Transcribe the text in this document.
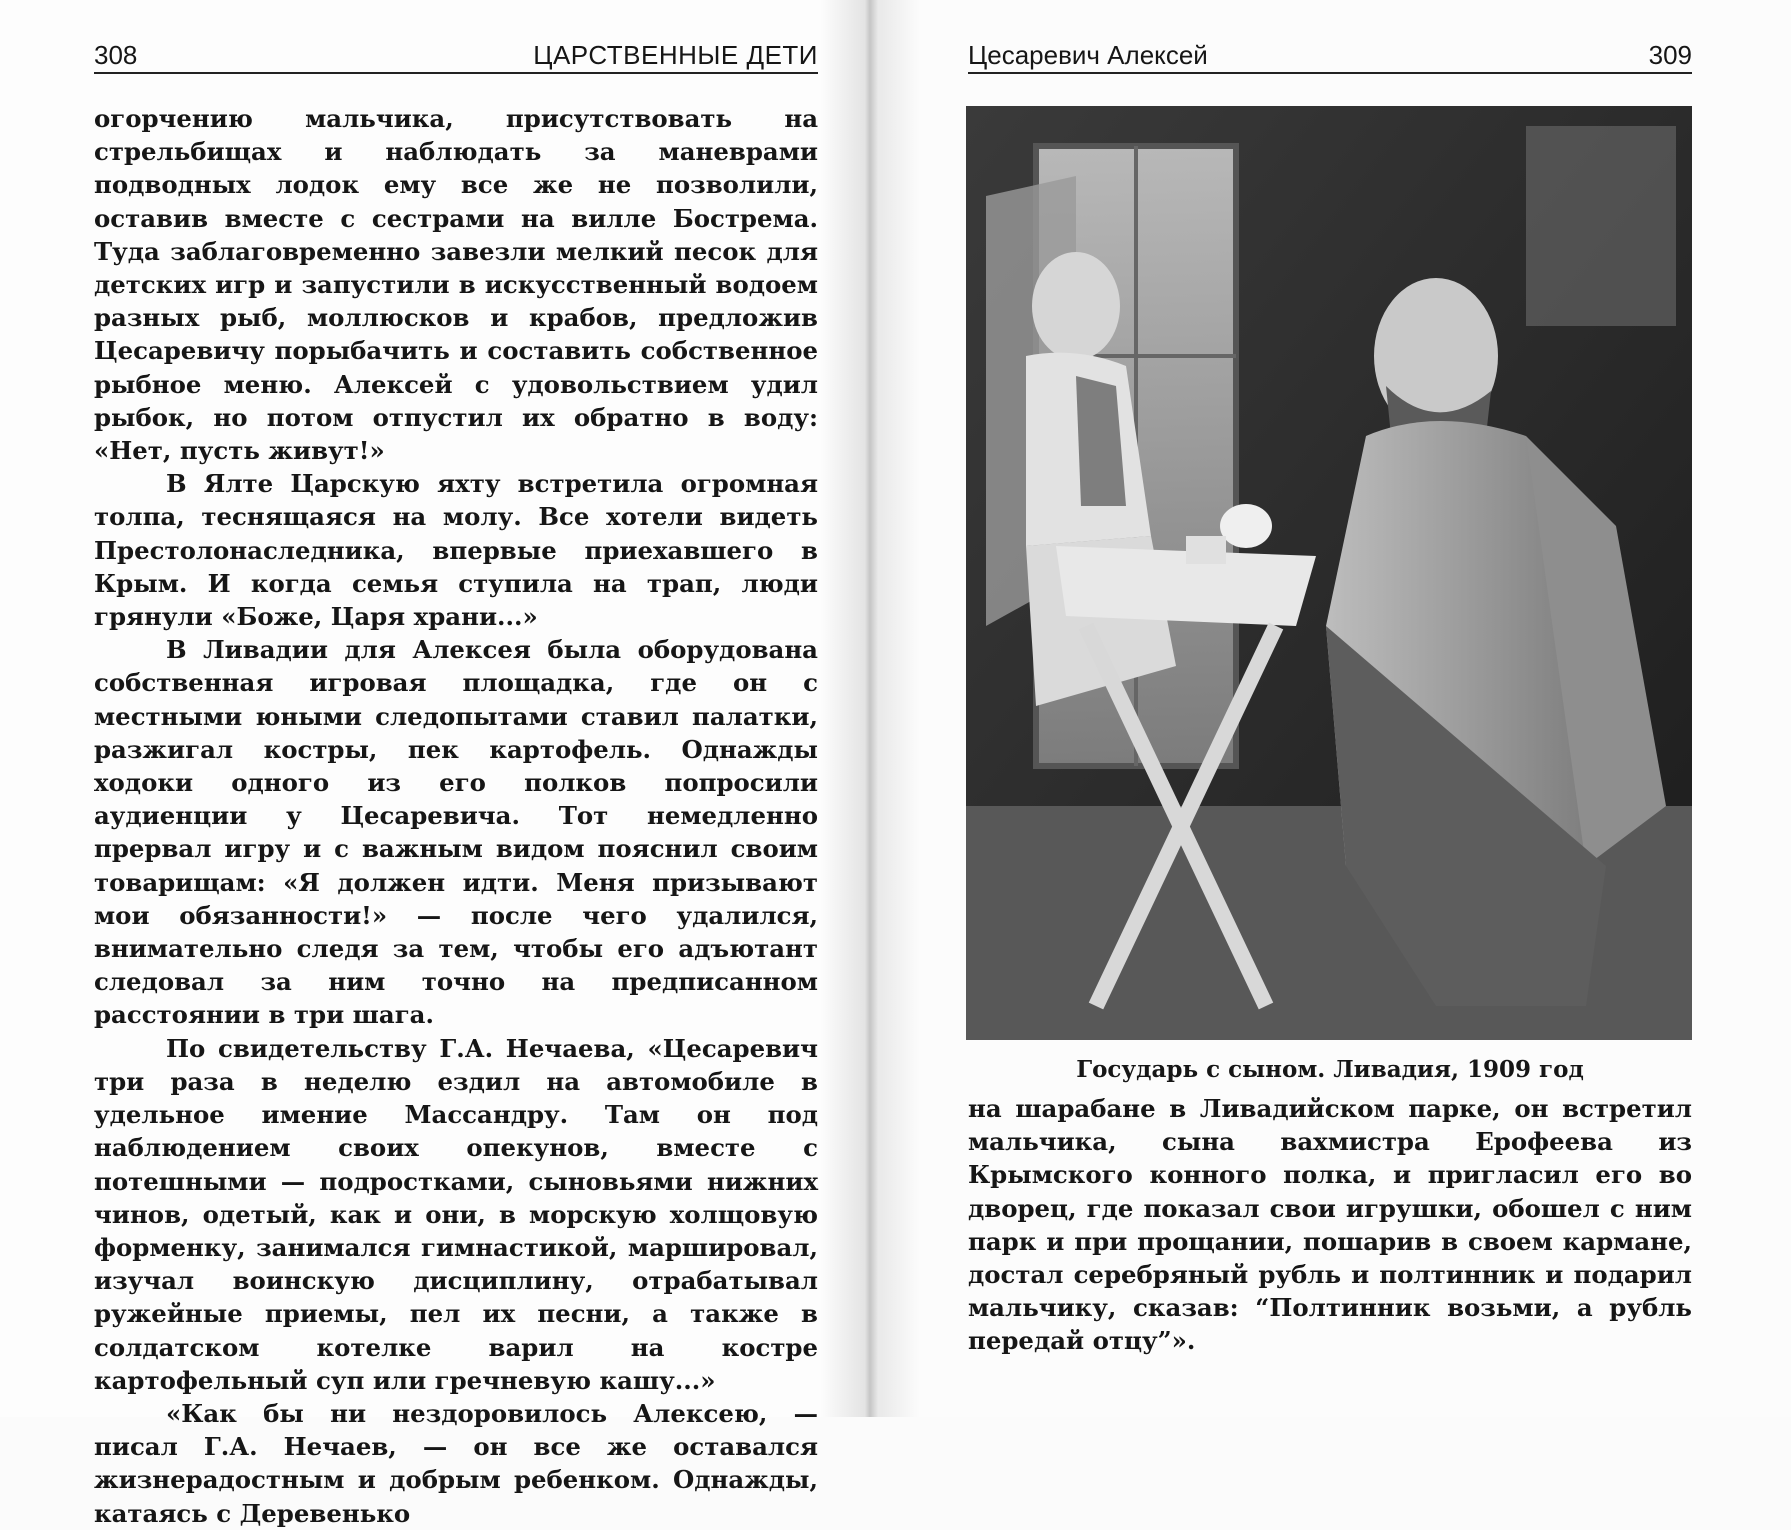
308	ЦАРСТВЕННЫЕ ДЕТИ

огорчению мальчика, присутствовать на стрельбищах и наблюдать за маневрами подводных лодок ему все же не позволили, оставив вместе с сестрами на вилле Бострема. Туда заблаговременно завезли мелкий песок для детских игр и запустили в искусственный водоем разных рыб, моллюсков и крабов, предложив Цесаревичу порыбачить и составить собственное рыбное меню. Алексей с удовольствием удил рыбок, но потом отпустил их обратно в воду: «Нет, пусть живут!»

В Ялте Царскую яхту встретила огромная толпа, теснящаяся на молу. Все хотели видеть Престолонаследника, впервые приехавшего в Крым. И когда семья ступила на трап, люди грянули «Боже, Царя храни...»

В Ливадии для Алексея была оборудована собственная игровая площадка, где он с местными юными следопытами ставил палатки, разжигал костры, пек картофель. Однажды ходоки одного из его полков попросили аудиенции у Цесаревича. Тот немедленно прервал игру и с важным видом пояснил своим товарищам: «Я должен идти. Меня призывают мои обязанности!» — после чего удалился, внимательно следя за тем, чтобы его адъютант следовал за ним точно на предписанном расстоянии в три шага.

По свидетельству Г.А. Нечаева, «Цесаревич три раза в неделю ездил на автомобиле в удельное имение Массандру. Там он под наблюдением своих опекунов, вместе с потешными — подростками, сыновьями нижних чинов, одетый, как и они, в морскую холщовую форменку, занимался гимнастикой, маршировал, изучал воинскую дисциплину, отрабатывал ружейные приемы, пел их песни, а также в солдатском котелке варил на костре картофельный суп или гречневую кашу...»

«Как бы ни нездоровилось Алексею, — писал Г.А. Нечаев, — он все же оставался жизнерадостным и добрым ребенком. Однажды, катаясь с Деревенько

Цесаревич Алексей	309
Государь с сыном. Ливадия, 1909 год

на шарабане в Ливадийском парке, он встретил мальчика, сына вахмистра Ерофеева из Крымского конного полка, и пригласил его во дворец, где показал свои игрушки, обошел с ним парк и при прощании, пошарив в своем кармане, достал серебряный рубль и полтинник и подарил мальчику, сказав: “Полтинник возьми, а рубль передай отцу”».
